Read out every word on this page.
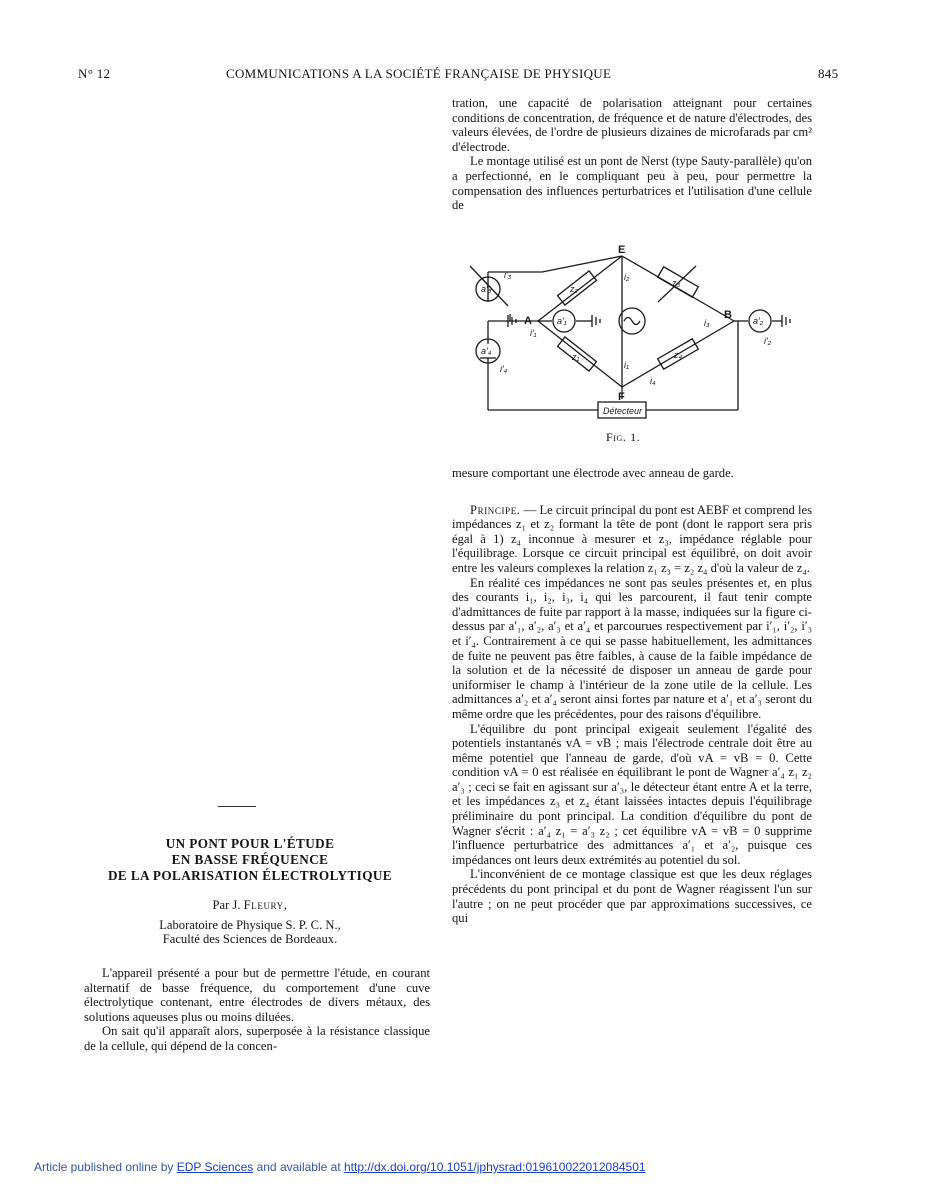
N° 12	COMMUNICATIONS A LA SOCIÉTÉ FRANÇAISE DE PHYSIQUE	845

tration, une capacité de polarisation atteignant pour certaines conditions de concentration, de fréquence et de nature d'électrodes, des valeurs élevées, de l'ordre de plusieurs dizaines de microfarads par cm² d'électrode.

Le montage utilisé est un pont de Nerst (type Sauty-parallèle) qu'on a perfectionné, en le compliquant peu à peu, pour permettre la compensation des influences perturbatrices et l'utilisation d'une cellule de

E
A	B
F
z₂
z₃
z₁	z₄
i₁
i₂
i₃
i₄
a′₁	a′₂
a′₃
a′₄
i′₁
i′₂
i′₃
i′₄
Détecteur
Fig. 1.

mesure comportant une électrode avec anneau de garde.

Principe. — Le circuit principal du pont est AEBF et comprend les impédances z₁ et z₂ formant la tête de pont (dont le rapport sera pris égal à 1) z₄ inconnue à mesurer et z₃, impédance réglable pour l'équilibrage. Lorsque ce circuit principal est équilibré, on doit avoir entre les valeurs complexes la relation z₁ z₃ = z₂ z₄ d'où la valeur de z₄.

En réalité ces impédances ne sont pas seules présentes et, en plus des courants i₁, i₂, i₃, i₄ qui les parcourent, il faut tenir compte d'admittances de fuite par rapport à la masse, indiquées sur la figure ci-dessus par a′₁, a′₂, a′₃ et a′₄ et parcourues respectivement par i′₁, i′₂, i′₃ et i′₄. Contrairement à ce qui se passe habituellement, les admittances de fuite ne peuvent pas être faibles, à cause de la faible impédance de la solution et de la nécessité de disposer un anneau de garde pour uniformiser le champ à l'intérieur de la zone utile de la cellule. Les admittances a′₂ et a′₄ seront ainsi fortes par nature et a′₁ et a′₃ seront du même ordre que les précédentes, pour des raisons d'équilibre.

L'équilibre du pont principal exigeait seulement l'égalité des potentiels instantanés vA = vB ; mais l'électrode centrale doit être au même potentiel que l'anneau de garde, d'où vA = vB = 0. Cette condition vA = 0 est réalisée en équilibrant le pont de Wagner a′₄ z₁ z₂ a′₃ ; ceci se fait en agissant sur a′₃, le détecteur étant entre A et la terre, et les impédances z₃ et z₄ étant laissées intactes depuis l'équilibrage préliminaire du pont principal. La condition d'équilibre du pont de Wagner s'écrit : a′₄ z₁ = a′₃ z₂ ; cet équilibre vA = vB = 0 supprime l'influence perturbatrice des admittances a′₁ et a′₂, puisque ces impédances ont leurs deux extrémités au potentiel du sol.

L'inconvénient de ce montage classique est que les deux réglages précédents du pont principal et du pont de Wagner réagissent l'un sur l'autre ; on ne peut procéder que par approximations successives, ce qui

UN PONT POUR L'ÉTUDE
EN BASSE FRÉQUENCE
DE LA POLARISATION ÉLECTROLYTIQUE
Par J. Fleury,
Laboratoire de Physique S. P. C. N.,
Faculté des Sciences de Bordeaux.

L'appareil présenté a pour but de permettre l'étude, en courant alternatif de basse fréquence, du comportement d'une cuve électrolytique contenant, entre électrodes de divers métaux, des solutions aqueuses plus ou moins diluées.

On sait qu'il apparaît alors, superposée à la résistance classique de la cellule, qui dépend de la concen-

Article published online by EDP Sciences and available at http://dx.doi.org/10.1051/jphysrad:019610022012084501
